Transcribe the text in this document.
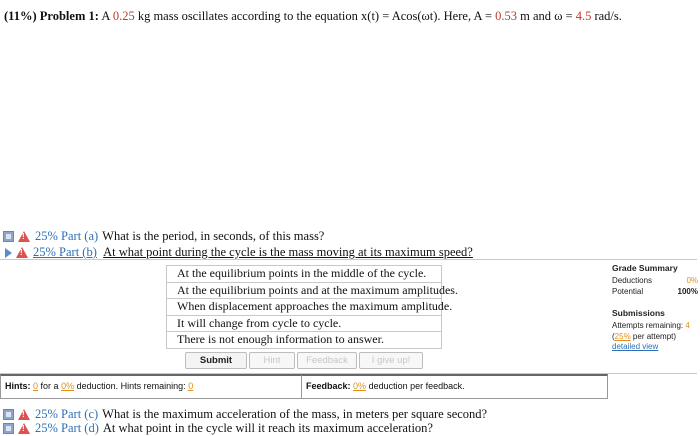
(11%) Problem 1: A 0.25 kg mass oscillates according to the equation x(t) = Acos(ωt). Here, A = 0.53 m and ω = 4.5 rad/s.
!
25% Part (a) What is the period, in seconds, of this mass?
!
25% Part (b)
At what point during the cycle is the mass moving at its maximum speed?
At the equilibrium points in the middle of the cycle.
At the equilibrium points and at the maximum amplitudes.
When displacement approaches the maximum amplitude.
It will change from cycle to cycle.
There is not enough information to answer.
Submit	Hint	Feedback	I give up!
Hints: 0 for a 0% deduction. Hints remaining: 0	Feedback: 0% deduction per feedback.
Grade Summary
Deductions	0%
Potential	100%
Submissions
Attempts remaining: 4
(25% per attempt)
detailed view
!
25% Part (c) What is the maximum acceleration of the mass, in meters per square second?
!
25% Part (d) At what point in the cycle will it reach its maximum acceleration?
